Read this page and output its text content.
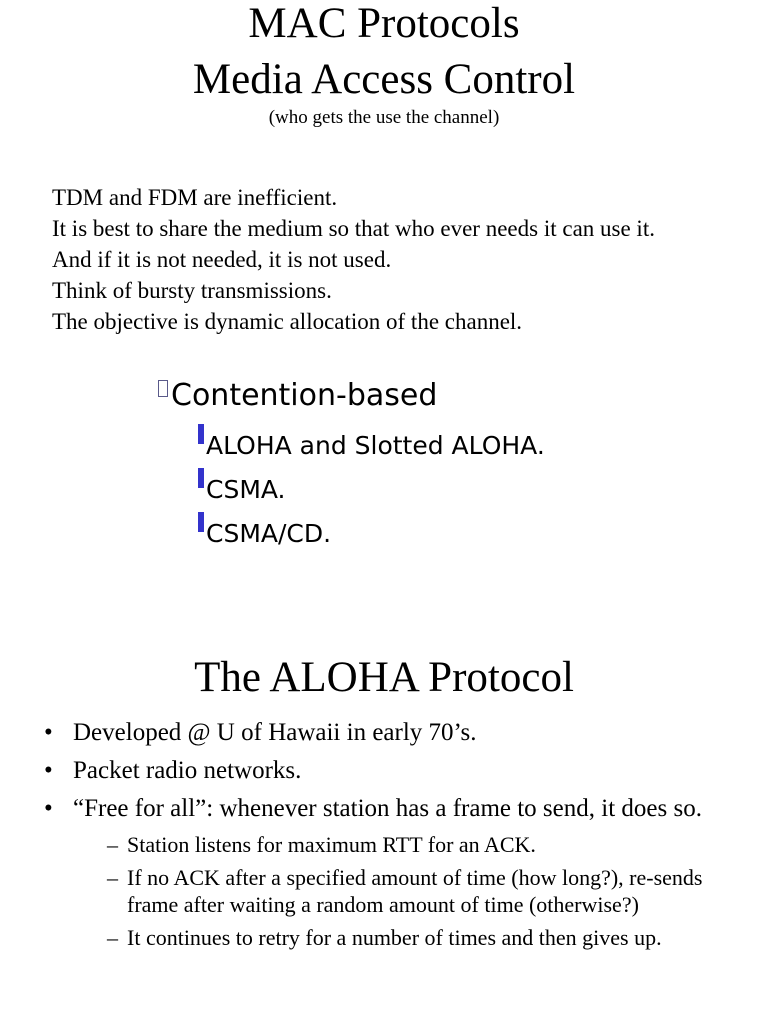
MAC Protocols
Media Access Control
(who gets the use the channel)
TDM and FDM are inefficient.
It is best to share the medium so that who ever needs it can use it.
And if it is not needed, it is not used.
Think of bursty transmissions.
The objective is dynamic allocation of the channel.
Contention-based
ALOHA and Slotted ALOHA.
CSMA.
CSMA/CD.
The ALOHA Protocol
• Developed @ U of Hawaii in early 70’s.
• Packet radio networks.
• “Free for all”: whenever station has a frame to send, it does so.
– Station listens for maximum RTT for an ACK.
– If no ACK after a specified amount of time (how long?), re-sends frame after waiting a random amount of time (otherwise?)
– It continues to retry for a number of times and then gives up.
